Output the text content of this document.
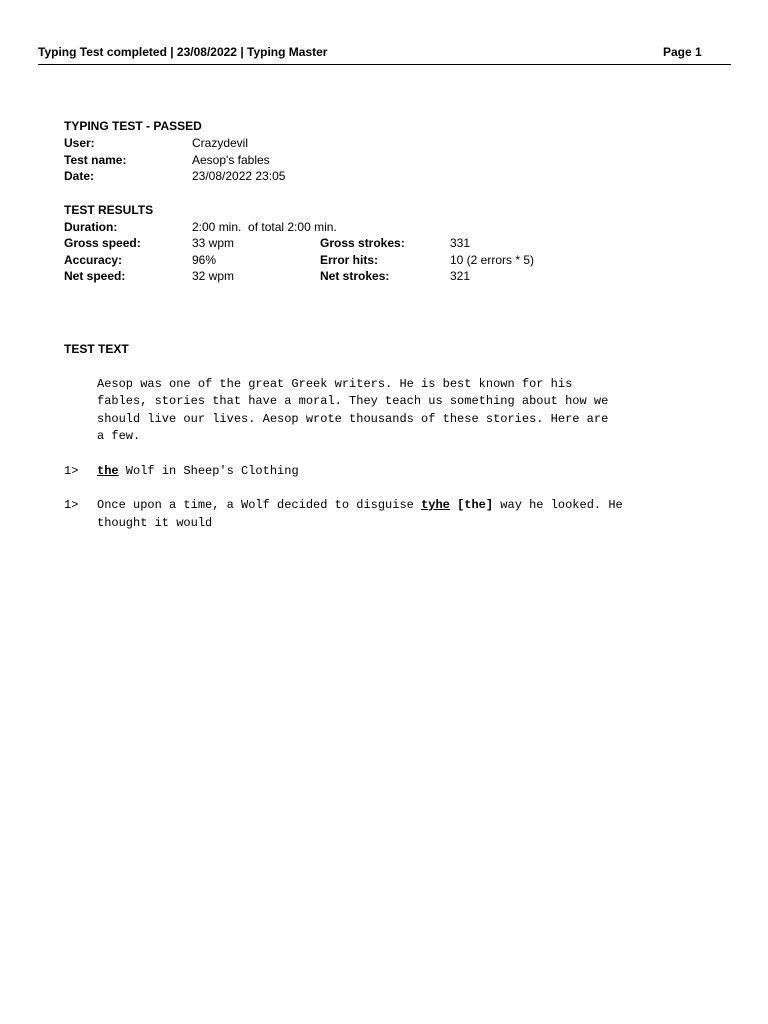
Typing Test completed | 23/08/2022 | Typing Master	Page 1
TYPING TEST - PASSED
User:	Crazydevil
Test name:	Aesop's fables
Date:	23/08/2022 23:05
TEST RESULTS
Duration:	2:00 min.  of total 2:00 min.
Gross speed:	33 wpm	Gross strokes:	331
Accuracy:	96%	Error hits:	10 (2 errors * 5)
Net speed:	32 wpm	Net strokes:	321
TEST TEXT
Aesop was one of the great Greek writers. He is best known for his
fables, stories that have a moral. They teach us something about how we
should live our lives. Aesop wrote thousands of these stories. Here are
a few.
1> the Wolf in Sheep's Clothing
1> Once upon a time, a Wolf decided to disguise tyhe [the] way he looked. He
thought it would
